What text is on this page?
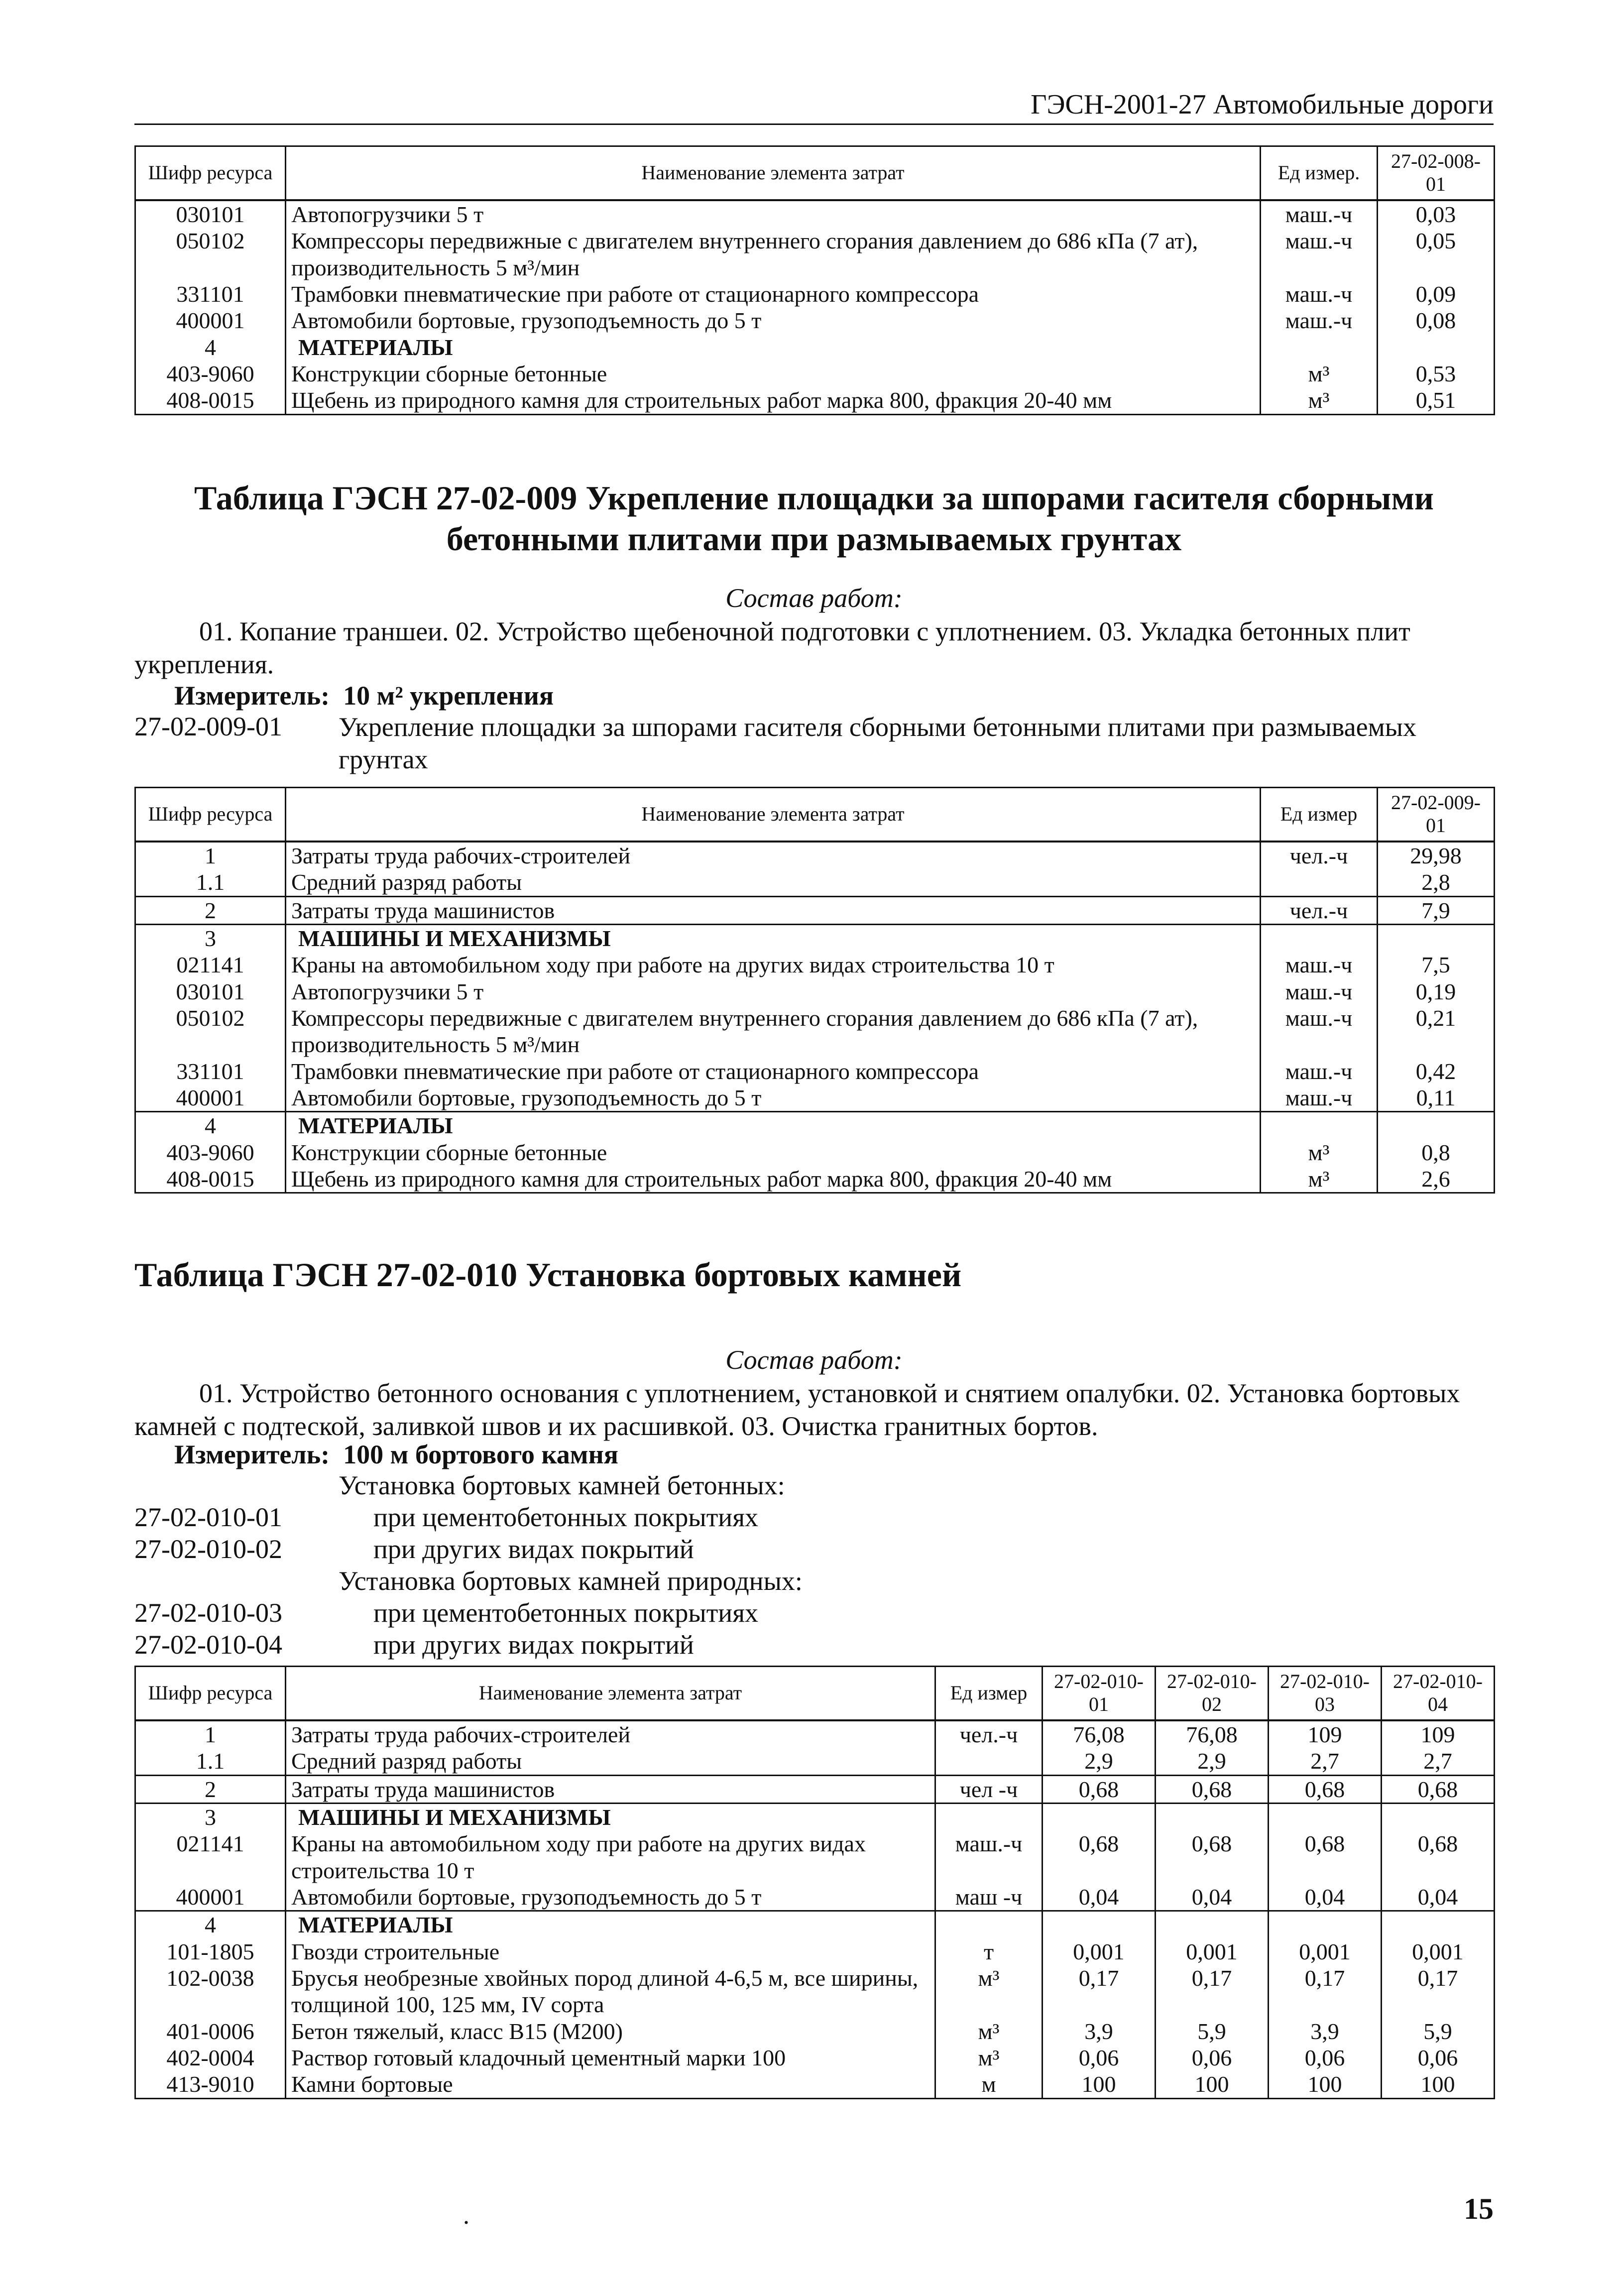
ГЭСН-2001-27 Автомобильные дороги
Шифр ресурса	Наименование элемента затрат	Ед измер.	27-02-008-01
030101	Автопогрузчики 5 т	маш.-ч	0,03
050102	Компрессоры передвижные с двигателем внутреннего сгорания давлением до 686 кПа (7 ат), производительность 5 м³/мин	маш.-ч	0,05
331101	Трамбовки пневматические при работе от стационарного компрессора	маш.-ч	0,09
400001	Автомобили бортовые, грузоподъемность до 5 т	маш.-ч	0,08
4	МАТЕРИАЛЫ		
403-9060	Конструкции сборные бетонные	м³	0,53
408-0015	Щебень из природного камня для строительных работ марка 800, фракция 20-40 мм	м³	0,51
Таблица ГЭСН 27-02-009 Укрепление площадки за шпорами гасителя сборными бетонными плитами при размываемых грунтах
Состав работ:
01. Копание траншеи. 02. Устройство щебеночной подготовки с уплотнением. 03. Укладка бетонных плит укрепления.
Измеритель: 10 м² укрепления
27-02-009-01 Укрепление площадки за шпорами гасителя сборными бетонными плитами при размываемых грунтах
Шифр ресурса	Наименование элемента затрат	Ед измер	27-02-009-01
1	Затраты труда рабочих-строителей	чел.-ч	29,98
1.1	Средний разряд работы		2,8
2	Затраты труда машинистов	чел.-ч	7,9
3	МАШИНЫ И МЕХАНИЗМЫ		
021141	Краны на автомобильном ходу при работе на других видах строительства 10 т	маш.-ч	7,5
030101	Автопогрузчики 5 т	маш.-ч	0,19
050102	Компрессоры передвижные с двигателем внутреннего сгорания давлением до 686 кПа (7 ат), производительность 5 м³/мин	маш.-ч	0,21
331101	Трамбовки пневматические при работе от стационарного компрессора	маш.-ч	0,42
400001	Автомобили бортовые, грузоподъемность до 5 т	маш.-ч	0,11
4	МАТЕРИАЛЫ		
403-9060	Конструкции сборные бетонные	м³	0,8
408-0015	Щебень из природного камня для строительных работ марка 800, фракция 20-40 мм	м³	2,6
Таблица ГЭСН 27-02-010 Установка бортовых камней
Состав работ:
01. Устройство бетонного основания с уплотнением, установкой и снятием опалубки. 02. Установка бортовых камней с подтеской, заливкой швов и их расшивкой. 03. Очистка гранитных бортов.
Измеритель: 100 м бортового камня
Установка бортовых камней бетонных:
27-02-010-01	при цементобетонных покрытиях
27-02-010-02	при других видах покрытий
Установка бортовых камней природных:
27-02-010-03	при цементобетонных покрытиях
27-02-010-04	при других видах покрытий
Шифр ресурса	Наименование элемента затрат	Ед измер	27-02-010-01	27-02-010-02	27-02-010-03	27-02-010-04
1	Затраты труда рабочих-строителей	чел.-ч	76,08	76,08	109	109
1.1	Средний разряд работы		2,9	2,9	2,7	2,7
2	Затраты труда машинистов	чел -ч	0,68	0,68	0,68	0,68
3	МАШИНЫ И МЕХАНИЗМЫ					
021141	Краны на автомобильном ходу при работе на других видах строительства 10 т	маш.-ч	0,68	0,68	0,68	0,68
400001	Автомобили бортовые, грузоподъемность до 5 т	маш -ч	0,04	0,04	0,04	0,04
4	МАТЕРИАЛЫ					
101-1805	Гвозди строительные	т	0,001	0,001	0,001	0,001
102-0038	Брусья необрезные хвойных пород длиной 4-6,5 м, все ширины, толщиной 100, 125 мм, IV сорта	м³	0,17	0,17	0,17	0,17
401-0006	Бетон тяжелый, класс В15 (М200)	м³	3,9	5,9	3,9	5,9
402-0004	Раствор готовый кладочный цементный марки 100	м³	0,06	0,06	0,06	0,06
413-9010	Камни бортовые	м	100	100	100	100
15
.
